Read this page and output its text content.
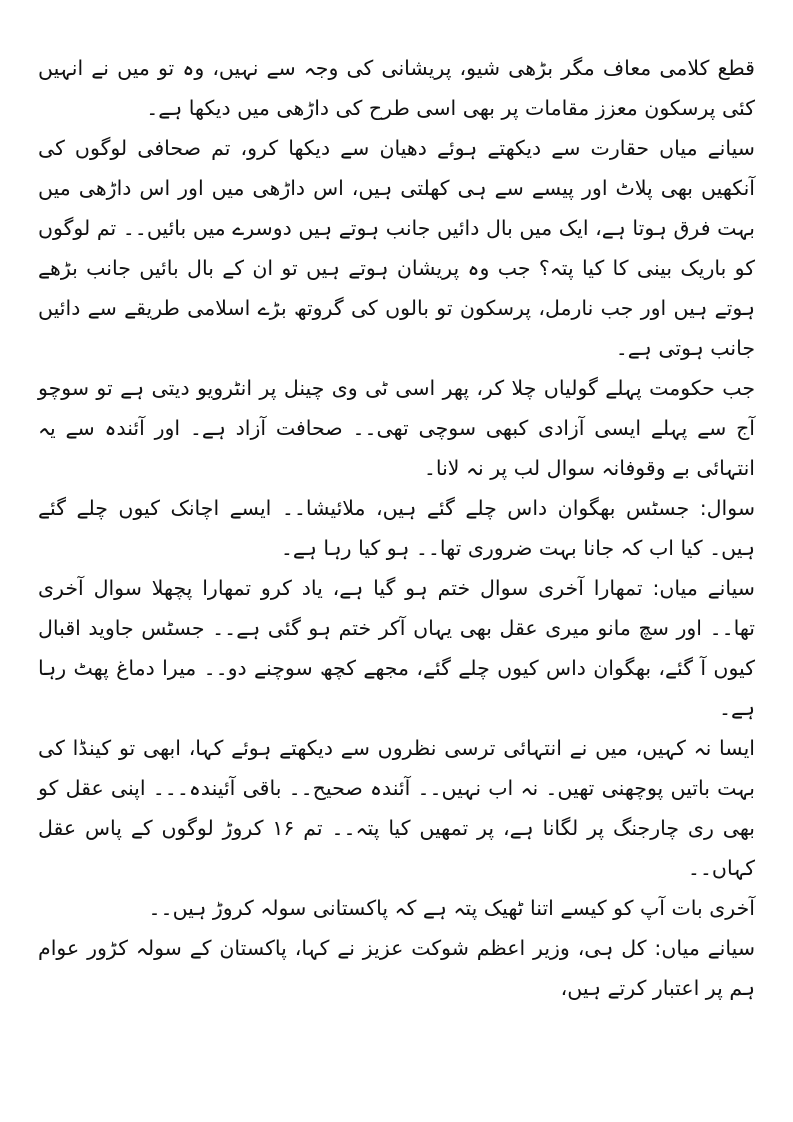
قطع کلامی معاف مگر بڑھی شیو، پریشانی کی وجہ سے نہیں، وہ تو میں نے انہیں کئی پرسکون معزز مقامات پر بھی اسی طرح کی داڑھی میں دیکھا ہے۔

سیانے میاں حقارت سے دیکھتے ہوئے دھیان سے دیکھا کرو، تم صحافی لوگوں کی آنکھیں بھی پلاٹ اور پیسے سے ہی کھلتی ہیں، اس داڑھی میں اور اس داڑھی میں بہت فرق ہوتا ہے، ایک میں بال دائیں جانب ہوتے ہیں دوسرے میں بائیں۔۔ تم لوگوں کو باریک بینی کا کیا پتہ؟ جب وہ پریشان ہوتے ہیں تو ان کے بال بائیں جانب بڑھے ہوتے ہیں اور جب نارمل، پرسکون تو بالوں کی گروتھ بڑے اسلامی طریقے سے دائیں جانب ہوتی ہے۔

جب حکومت پہلے گولیاں چلا کر، پھر اسی ٹی وی چینل پر انٹرویو دیتی ہے تو سوچو آج سے پہلے ایسی آزادی کبھی سوچی تھی۔۔ صحافت آزاد ہے۔ اور آئندہ سے یہ انتہائی بے وقوفانہ سوال لب پر نہ لانا۔

سوال: جسٹس بھگوان داس چلے گئے ہیں، ملائیشا۔۔ ایسے اچانک کیوں چلے گئے ہیں۔ کیا اب کہ جانا بہت ضروری تھا۔۔ ہو کیا رہا ہے۔

سیانے میاں: تمھارا آخری سوال ختم ہو گیا ہے، یاد کرو تمھارا پچھلا سوال آخری تھا۔۔ اور سچ مانو میری عقل بھی یہاں آکر ختم ہو گئی ہے۔۔ جسٹس جاوید اقبال کیوں آ گئے، بھگوان داس کیوں چلے گئے، مجھے کچھ سوچنے دو۔۔ میرا دماغ پھٹ رہا ہے۔

ایسا نہ کہیں، میں نے انتہائی ترسی نظروں سے دیکھتے ہوئے کہا، ابھی تو کینڈا کی بہت باتیں پوچھنی تھیں۔ نہ اب نہیں۔۔ آئندہ صحیح۔۔ باقی آئیندہ۔۔۔ اپنی عقل کو بھی ری چارجنگ پر لگانا ہے، پر تمھیں کیا پتہ۔۔ تم ۱۶ کروڑ لوگوں کے پاس عقل کہاں۔۔

آخری بات آپ کو کیسے اتنا ٹھیک پتہ ہے کہ پاکستانی سولہ کروڑ ہیں۔۔

سیانے میاں: کل ہی، وزیر اعظم شوکت عزیز نے کہا، پاکستان کے سولہ کڑور عوام ہم پر اعتبار کرتے ہیں،
